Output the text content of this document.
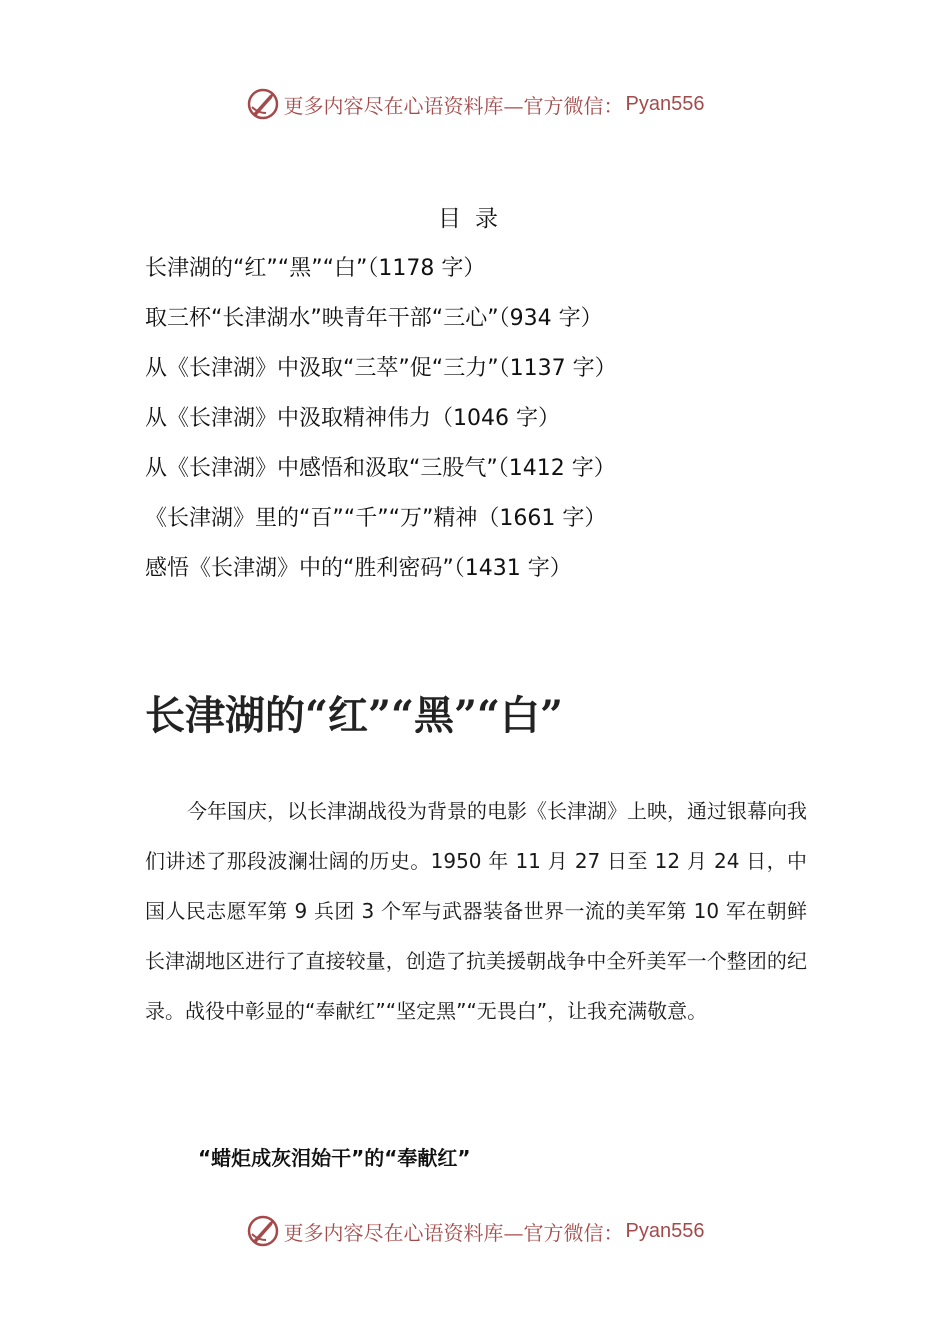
更多内容尽在心语资料库—官方微信： Pyan556
目录
长津湖的“红”“黑”“白”（1178 字）
取三杯“长津湖水”映青年干部“三心”（934 字）
从《长津湖》中汲取“三萃”促“三力”（1137 字）
从《长津湖》中汲取精神伟力（1046 字）
从《长津湖》中感悟和汲取“三股气”（1412 字）
《长津湖》里的“百”“千”“万”精神（1661 字）
感悟《长津湖》中的“胜利密码”（1431 字）
长津湖的“红”“黑”“白”

今年国庆，以长津湖战役为背景的电影《长津湖》上映，通过银幕向我们讲述了那段波澜壮阔的历史。1950 年 11 月 27 日至 12 月 24 日，中国人民志愿军第 9 兵团 3 个军与武器装备世界一流的美军第 10 军在朝鲜长津湖地区进行了直接较量，创造了抗美援朝战争中全歼美军一个整团的纪录。战役中彰显的“奉献红”“坚定黑”“无畏白”，让我充满敬意。

“蜡炬成灰泪始干”的“奉献红”
更多内容尽在心语资料库—官方微信： Pyan556
